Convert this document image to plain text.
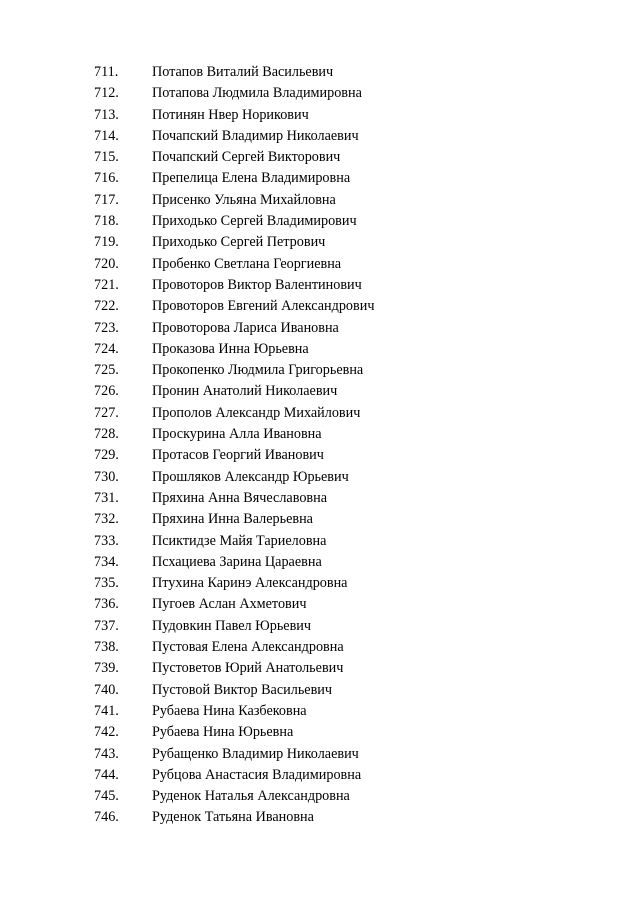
711. Потапов Виталий Васильевич
712. Потапова Людмила Владимировна
713. Потинян Нвер Норикович
714. Почапский Владимир Николаевич
715. Почапский Сергей Викторович
716. Препелица Елена Владимировна
717. Присенко Ульяна Михайловна
718. Приходько Сергей Владимирович
719. Приходько Сергей Петрович
720. Пробенко Светлана Георгиевна
721. Провоторов Виктор Валентинович
722. Провоторов Евгений Александрович
723. Провоторова Лариса Ивановна
724. Проказова Инна Юрьевна
725. Прокопенко Людмила Григорьевна
726. Пронин Анатолий Николаевич
727. Прополов Александр Михайлович
728. Проскурина Алла Ивановна
729. Протасов Георгий Иванович
730. Прошляков Александр Юрьевич
731. Пряхина Анна Вячеславовна
732. Пряхина Инна Валерьевна
733. Псиктидзе Майя Тариеловна
734. Псхациева Зарина Цараевна
735. Птухина Каринэ Александровна
736. Пугоев Аслан Ахметович
737. Пудовкин Павел Юрьевич
738. Пустовая Елена Александровна
739. Пустоветов Юрий Анатольевич
740. Пустовой Виктор Васильевич
741. Рубаева Нина Казбековна
742. Рубаева Нина Юрьевна
743. Рубащенко Владимир Николаевич
744. Рубцова Анастасия Владимировна
745. Руденок Наталья Александровна
746. Руденок Татьяна Ивановна
